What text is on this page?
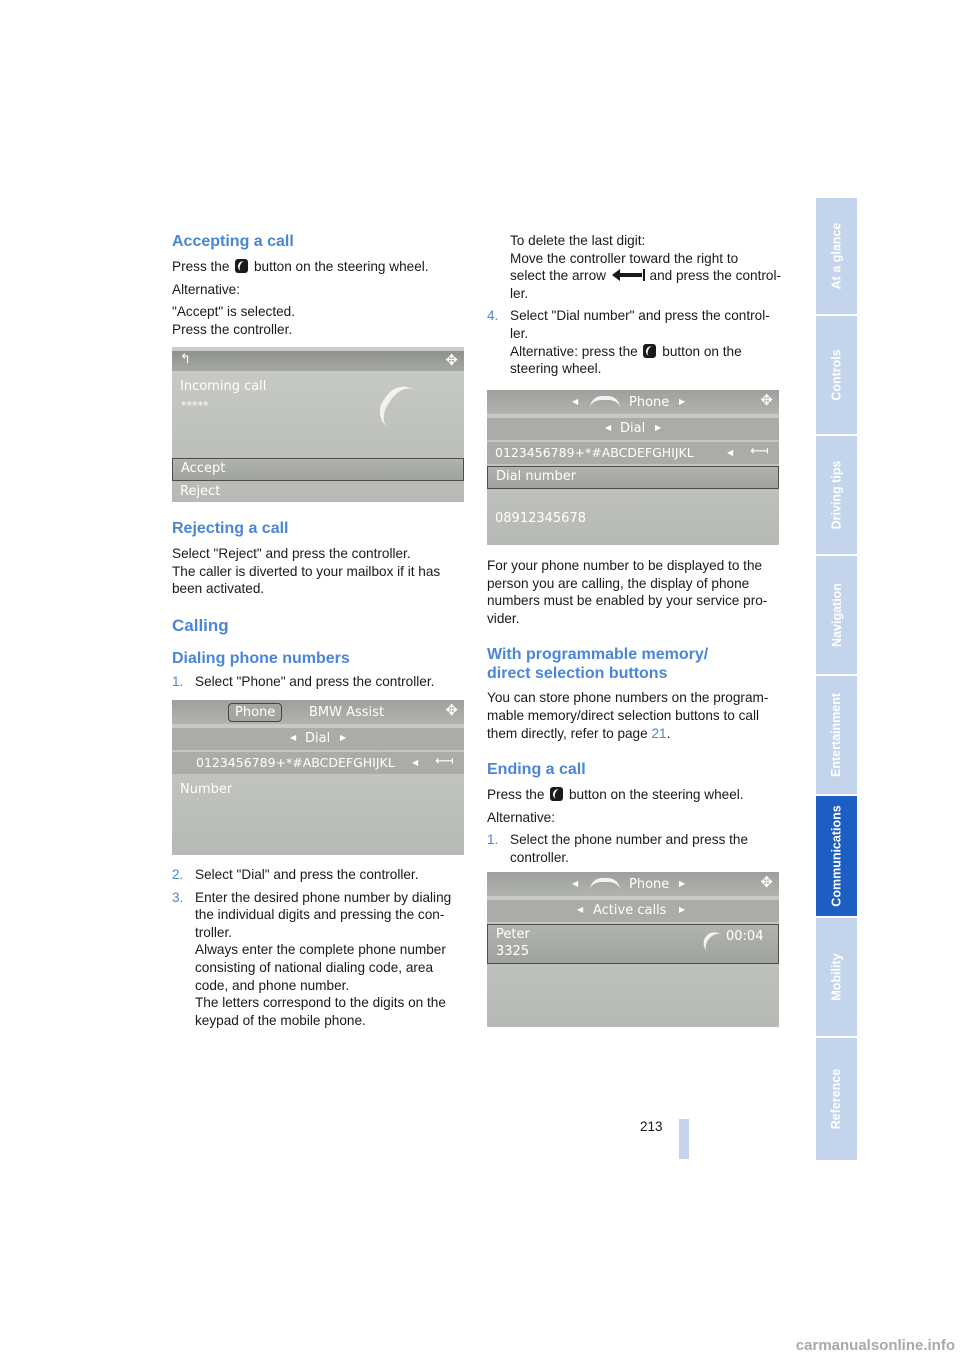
Accepting a call

Press the button on the steering wheel.

Alternative:

"Accept" is selected.

Press the controller.

↰	✥
Incoming call
*****
Accept
Reject
Rejecting a call

Select "Reject" and press the controller.

The caller is diverted to your mailbox if it has

been activated.

Calling
Dialing phone numbers
1. Select "Phone" and press the controller.
Phone	BMW Assist	✥
◀ Dial ▶
0123456789+*#ABCDEFGHIJKL ◀ ⟻
Number
2. Select "Dial" and press the controller.
3. Enter the desired phone number by dialing
the individual digits and pressing the con-
troller.
Always enter the complete phone number
consisting of national dialing code, area
code, and phone number.
The letters correspond to the digits on the
keypad of the mobile phone.
To delete the last digit:
Move the controller toward the right to
select the arrow	and press the control-
ler.
4. Select "Dial number" and press the control-
ler.
Alternative: press the button on the
steering wheel.
◀	Phone ▶	✥
◀ Dial ▶
0123456789+*#ABCDEFGHIJKL	◀ ⟻
Dial number
08912345678

For your phone number to be displayed to the
person you are calling, the display of phone
numbers must be enabled by your service pro-
vider.

With programmable memory/
direct selection buttons

You can store phone numbers on the program-
mable memory/direct selection buttons to call
them directly, refer to page 21.

Ending a call

Press the button on the steering wheel.

Alternative:

1. Select the phone number and press the
controller.
◀	Phone ▶	✥
◀ Active calls ▶
Peter
3325
00:04
At a glance
Controls
Driving tips
Navigation
Entertainment
Communications
Mobility
Reference
213
carmanualsonline.info
